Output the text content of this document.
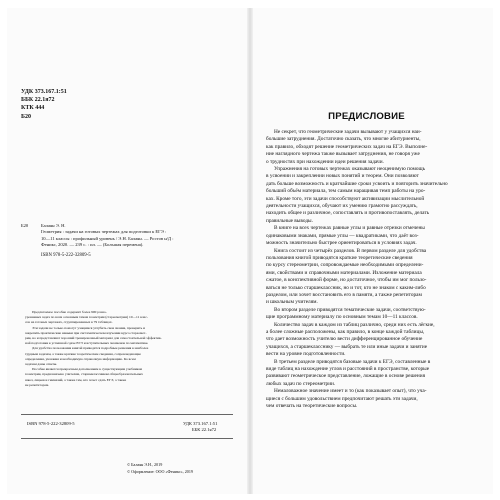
УДК 373.167.1:51
ББК 22.1я72
КТК 444
Б20
Б20	Балаян Э. Н.
Геометрия : задачи на готовых чертежах для подготовки к ЕГЭ :
10—11 классы : профильный уровень / Э.Н. Балаян. — Ростов н/Д :
Феникс, 2020. — 239 с. : ил. — (Большая перемена).
ISBN 978-5-222-32809-5

Предлагаемое пособие содержит более 900 разно-

уровневых задач по всем основным темам геометрии (стереометрии) 10—11 клас-

сов на готовых чертежах, сгруппированных в 79 таблицах.

Эти задачи не только помогут учащимся углубить свои знания, проверить и

закрепить практические навыки при систематическом изучении курса стереомет-

рии, но и представляют хороший тренировочный материал для самостоятельной эффектив-

ной подготовки к успешной сдаче ЕГЭ и вступительных экзаменов по математике.

Для удобства пользования книгой приводятся подробные решения к наиболее

трудным задачам, а также краткие теоретические сведения, сопровождающие

определения, указания и необходимую справочную информацию. Ко всем

задачам даны ответы.

Пособие является прекрасным дополнением к существующим учебникам

геометрии, предназначено учителям, старшеклассникам общеобразовательных

школ, лицеев и гимназий, а также тем, кто хочет сдать ЕГЭ, а также

не репетиторам.

ISBN 978-5-222-32809-5	УДК 373.167.1:51
ББК 22.1я72
© Балаян Э.Н., 2019
© Оформление: ООО «Феникс», 2019
ПРЕДИСЛОВИЕ
Не секрет, что геометрические задачи вызывают у учащихся наи-
большие затруднения. Достаточно сказать, что многие абитуриенты,
как правило, обходят решение геометрических задач на ЕГЭ. Выполне-
ние наглядного чертежа также вызывает затруднения, не говоря уже
о трудностях при нахождении идеи решения задачи.
Упражнения на готовых чертежах оказывают неоценимую помощь
в усвоении и закреплении новых понятий и теорем. Они позволяют
дать больше возможность и кратчайшие сроки усвоить и повторить значительно
больший объём материала, тем самым наращивая темп работы на уро-
ках. Кроме того, эти задачи способствуют активизации мыслительной
деятельности учащихся, обучают их умению грамотно рассуждать,
находить общее и различное, сопоставлять и противопоставлять, делать
правильные выводы.
В книге на всех чертежах равные углы и равные отрезки отмечены
одинаковыми знаками, прямые углы — квадратиками, что даёт воз-
можность значительно быстрее ориентироваться в условиях задач.
Книга состоит из четырёх разделов. В первом разделе для удобства
пользования книгой приводятся краткие теоретические сведения
по курсу стереометрии, сопровождаемые необходимыми определени-
ями, свойствами и справочными материалами. Изложение материала
сжатое, в конспективной форме, но достаточное, чтобы им мог пользо-
ваться не только старшеклассник, но и тот, кто не знаком с каким-либо
разделом, или хочет восстановить его в памяти, а также репетиторам
и школьным учителям.
Во втором разделе приводятся тематические задачи, соответствую-
щие программному материалу по основным темам 10—11 классов.
Количество задач в каждом из таблиц различно, среди них есть лёгкие,
а более сложные расположены, как правило, в конце каждой таблицы,
что дает возможность учителю вести дифференцированное обучение
учащихся, а старшекласснику — выбрать те или иные задачи и занятие
вести на уровне подготовленности.
В третьем разделе приводятся базовые задачи к ЕГЭ, составленные в
виде таблиц на нахождение углов и расстояний в пространстве, которые
развивают геометрическое представление, ложащие в основе решения
любых задач по стереометрии.
Немаловажное значение имеет и то (как показывает опыт), что уча-
щиеся с большим удовольствием предпочитают решать эти задачи,
чем отвечать на теоретические вопросы.
